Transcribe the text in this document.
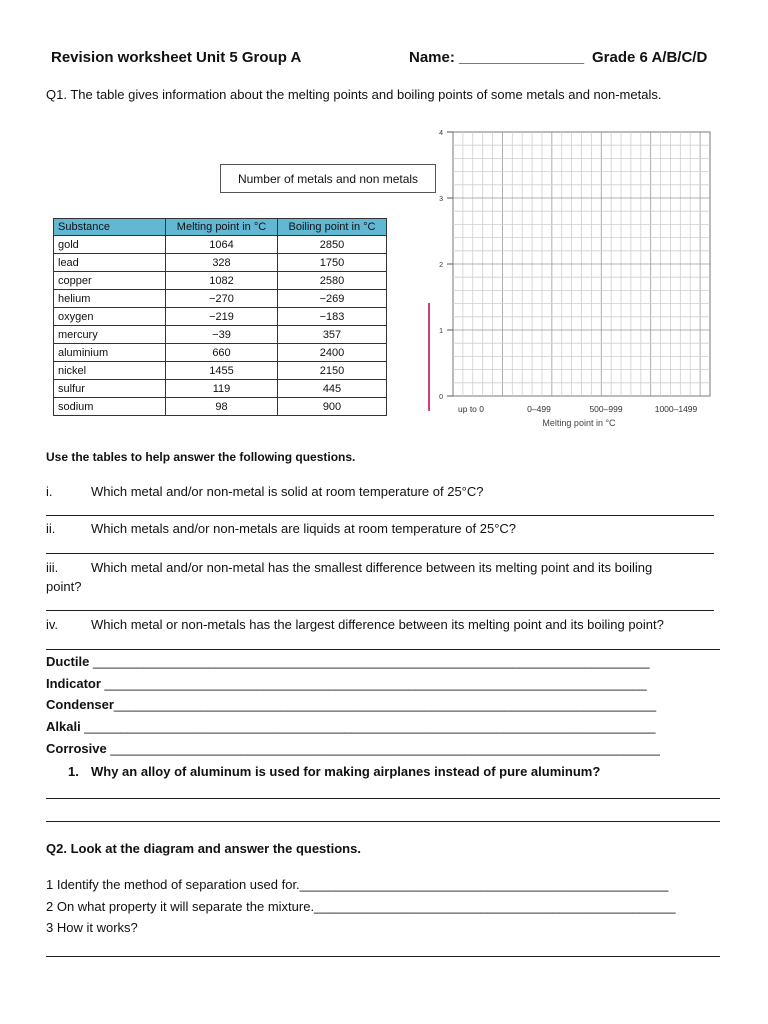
Revision worksheet Unit 5 Group A	Name: _______________ Grade 6 A/B/C/D
Q1. The table gives information about the melting points and boiling points of some metals and non-metals.
Number of metals and non metals
Substance	Melting point in °C	Boiling point in °C
gold	1064	2850
lead	328	1750
copper	1082	2580
helium	−270	−269
oxygen	−219	−183
mercury	−39	357
aluminium	660	2400
nickel	1455	2150
sulfur	119	445
sodium	98	900
0
1
2
3
4
up to 0	0–499	500–999	1000–1499
Melting point in °C
Use the tables to help answer the following questions.
i.	Which metal and/or non-metal is solid at room temperature of 25°C?
ii.	Which metals and/or non-metals are liquids at room temperature of 25°C?
iii.	Which metal and/or non-metal has the smallest difference between its melting point and its boiling
point?
iv.	Which metal or non-metals has the largest difference between its melting point and its boiling point?
Ductile _____________________________________________________________________________
Indicator ___________________________________________________________________________
Condenser___________________________________________________________________________
Alkali _______________________________________________________________________________
Corrosive ____________________________________________________________________________
1. Why an alloy of aluminum is used for making airplanes instead of pure aluminum?
Q2. Look at the diagram and answer the questions.
1 Identify the method of separation used for.___________________________________________________
2 On what property it will separate the mixture.__________________________________________________
3 How it works?
